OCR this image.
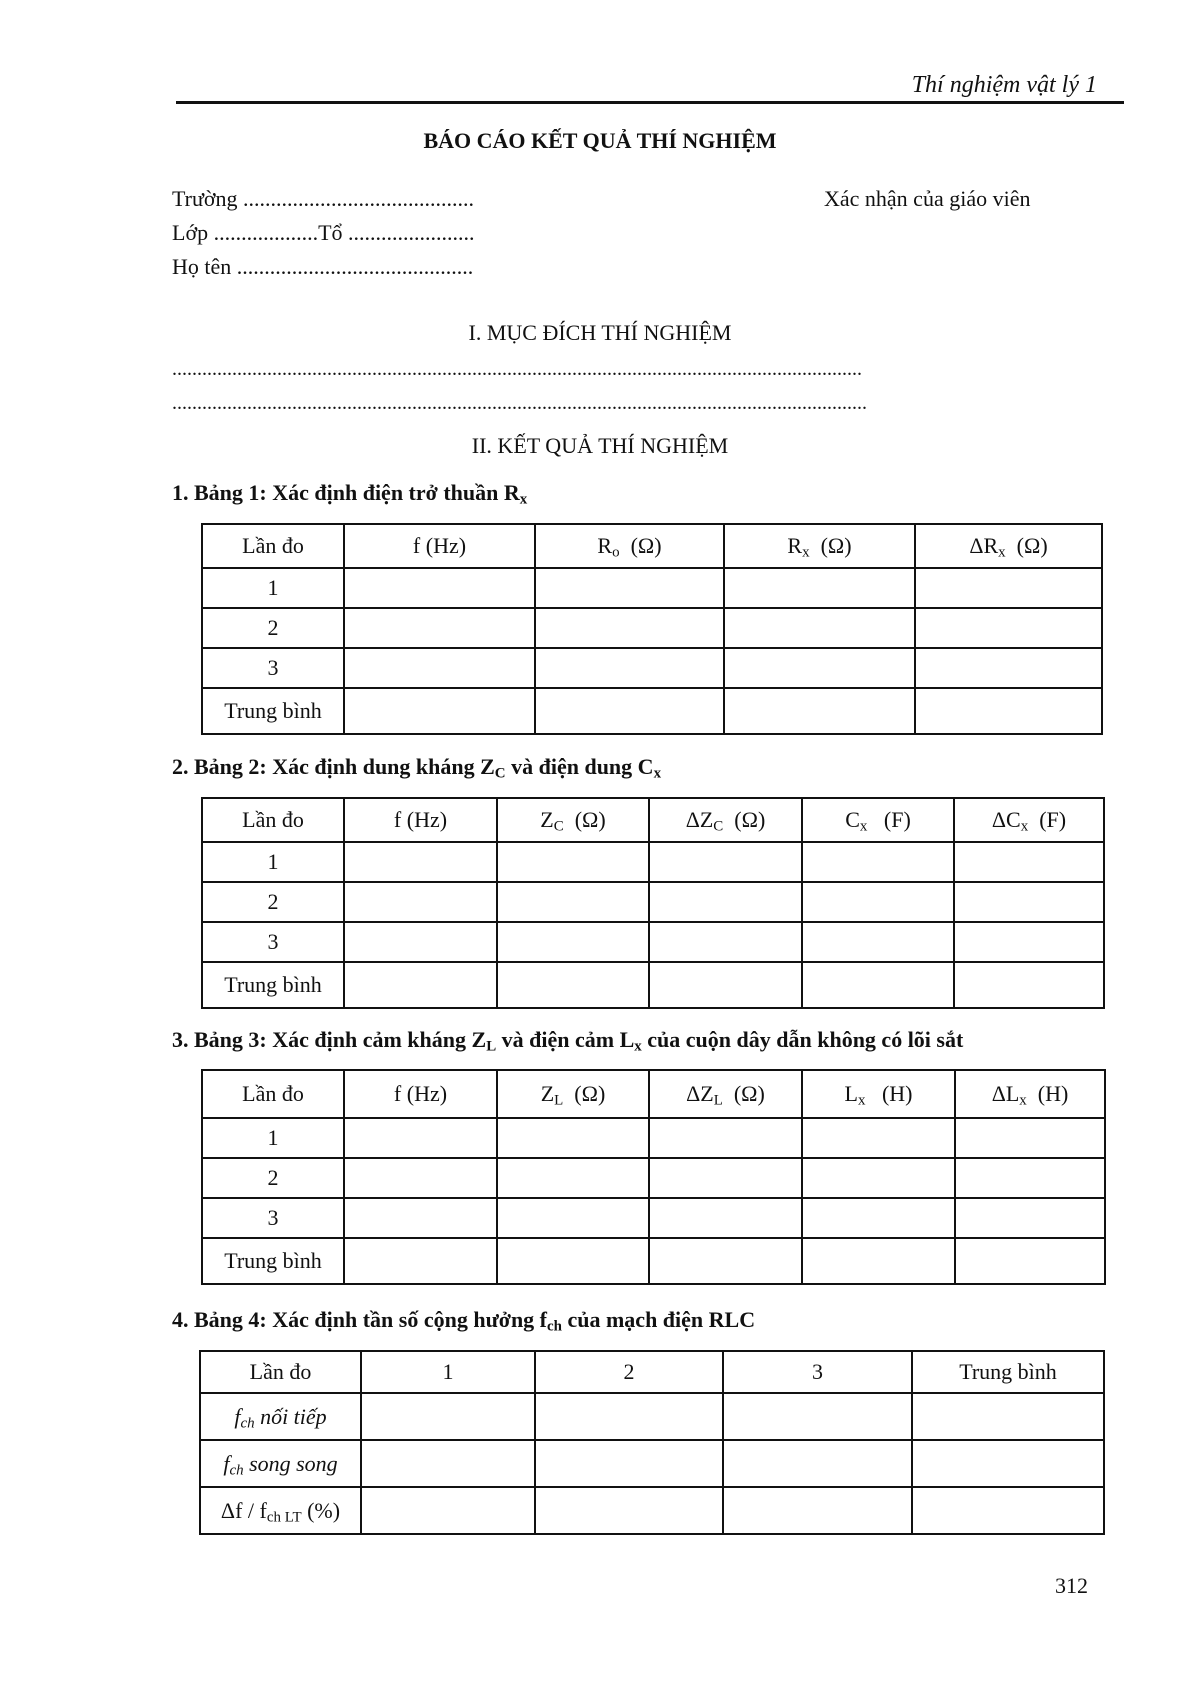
Thí nghiệm vật lý 1
BÁO CÁO KẾT QUẢ THÍ NGHIỆM
Trường ..........................................	Xác nhận của giáo viên
Lớp ...................Tổ .......................
Họ tên ...........................................
I. MỤC ĐÍCH THÍ NGHIỆM
..........................................................................................................................................
...........................................................................................................................................
II. KẾT QUẢ THÍ NGHIỆM
1. Bảng 1: Xác định điện trở thuần $R_x$
Lần đo	f (Hz)	$R_o$  (Ω)	$R_x$  (Ω)	$\Delta R_x$  (Ω)
1				
2				
3				
Trung bình				
2. Bảng 2: Xác định dung kháng $Z_C$ và điện dung $C_x$
Lần đo	f (Hz)	$Z_C$  (Ω)	$\Delta Z_C$  (Ω)	$C_x$   (F)	$\Delta C_x$  (F)
1					
2					
3					
Trung bình					
3. Bảng 3: Xác định cảm kháng $Z_L$ và điện cảm $L_x$ của cuộn dây dẫn không có lõi sắt
Lần đo	f (Hz)	$Z_L$  (Ω)	$\Delta Z_L$  (Ω)	$L_x$   (H)	$\Delta L_x$  (H)
1					
2					
3					
Trung bình					
4. Bảng 4: Xác định tần số cộng hưởng $f_{ch}$ của mạch điện RLC
Lần đo	1	2	3	Trung bình
$f_{ch}$ nối tiếp				
$f_{ch}$ song song				
Δf / $f_{ch LT}$ (%)				
312
